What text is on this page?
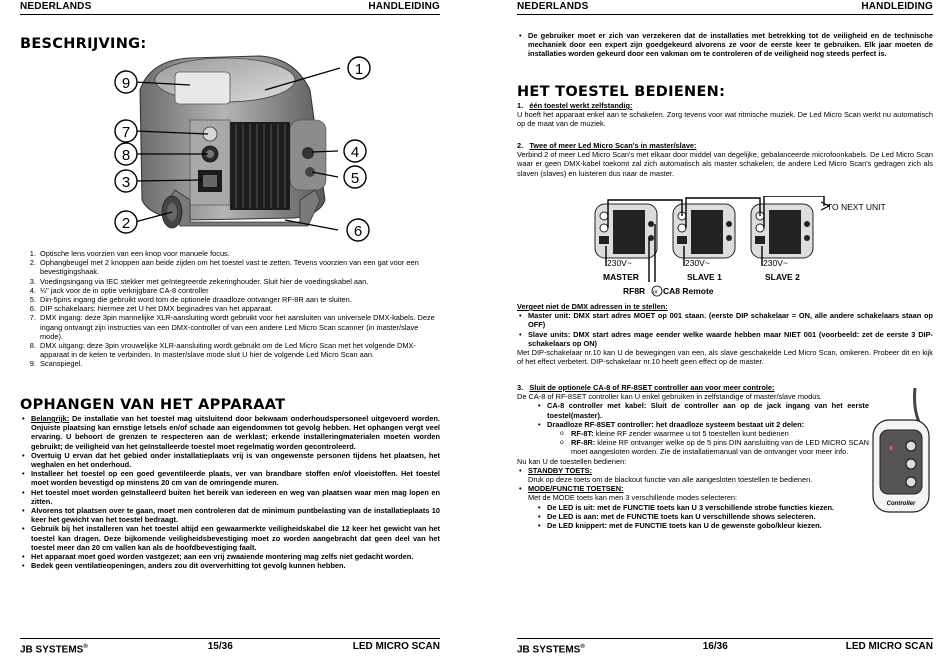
NEDERLANDS	HANDLEIDING
BESCHRIJVING:
1
9
7
8
3
4
5
2	6
1. Optische lens voorzien van een knop voor manuele focus.
2. Ophangbeugel met 2 knoppen aan beide zijden om het toestel vast te zetten. Tevens voorzien van een gat voor een bevestigingshaak.
3. Voedingsingang via IEC stekker met geïntegreerde zekeringhouder. Sluit hier de voedingskabel aan.
4. ¼" jack voor de in optie verkrijgbare CA-8 controller
5. Din-5pins ingang die gebruikt word tom de optionele draadloze ontvanger RF-8R aan te sluiten.
6. DIP schakelaars: hiermee zet U het DMX beginadres van het apparaat.
7. DMX ingang: deze 3pin mannelijke XLR-aansluiting wordt gebruikt voor het aansluiten van universele DMX-kabels. Deze ingang ontvangt zijn instructies van een DMX-controller of van een andere Led Micro Scan scanner (in master/slave mode).
8. DMX uitgang: deze 3pin vrouwelijke XLR-aansluiting wordt gebruikt om de Led Micro Scan met het volgende DMX-apparaat in de keten te verbinden. In master/slave mode sluit U hier de volgende Led Micro Scan aan.
9. Scanspiegel.
OPHANGEN VAN HET APPARAAT
• Belangrijk: De installatie van het toestel mag uitsluitend door bekwaam onderhoudspersoneel uitgevoerd worden. Onjuiste plaatsing kan ernstige letsels en/of schade aan eigendommen tot gevolg hebben. Het ophangen vergt veel ervaring. U behoort de grenzen te respecteren aan de werklast; erkende installeringmaterialen moeten worden gebruikt; de veiligheid van het geïnstalleerde toestel moet regelmatig worden gecontroleerd.
• Overtuig U ervan dat het gebied onder installatieplaats vrij is van ongewenste personen tijdens het plaatsen, het weghalen en het onderhoud.
• Installeer het toestel op een goed geventileerde plaats, ver van brandbare stoffen en/of vloeistoffen. Het toestel moet worden bevestigd op minstens 20 cm van de omringende muren.
• Het toestel moet worden geïnstalleerd buiten het bereik van iedereen en weg van plaatsen waar men mag lopen en zitten.
• Alvorens tot plaatsen over te gaan, moet men controleren dat de minimum puntbelasting van de installatieplaats 10 keer het gewicht van het toestel bedraagt.
• Gebruik bij het installeren van het toestel altijd een gewaarmerkte veiligheidskabel die 12 keer het gewicht van het toestel kan dragen. Deze bijkomende veiligheidsbevestiging moet zo worden aangebracht dat geen deel van het toestel meer dan 20 cm vallen kan als de hoofdbevestiging faalt.
• Het apparaat moet goed worden vastgezet; aan een vrij zwaaiende montering mag zelfs niet gedacht worden.
• Bedek geen ventilatieopeningen, anders zou dit oververhitting tot gevolg kunnen hebben.
JB SYSTEMS®	15/36	LED MICRO SCAN
NEDERLANDS	HANDLEIDING
• De gebruiker moet er zich van verzekeren dat de installaties met betrekking tot de veiligheid en de technische mechaniek door een expert zijn goedgekeurd alvorens ze voor de eerste keer te gebruiken. Elk jaar moeten de installaties worden gekeurd door een vakman om te controleren of de veiligheid nog steeds perfect is.
HET TOESTEL BEDIENEN:
1. één toestel werkt zelfstandig:
U hoeft het apparaat enkel aan te schakelen. Zorg tevens voor wat ritmische muziek. De Led Micro Scan werkt nu automatisch op de maat van de muziek.
2. Twee of meer Led Micro Scan's in master/slave:
Verbind 2 of meer Led Micro Scan's met elkaar door middel van degelijke, gebalanceerde microfoonkabels. De Led Micro Scan waar er geen DMX-kabel toekomt zal zich automatisch als master schakelen; de andere Led Micro Scan's gedragen zich als slaven (slaves) en luisteren dus naar de master.
TO NEXT UNIT
230V~	230V~	230V~
MASTER	SLAVE 1	SLAVE 2
RF8R CA8 Remote
or
Vergeet niet de DMX adressen in te stellen:
• Master unit: DMX start adres MOET op 001 staan. (eerste DIP schakelaar = ON, alle andere schakelaars staan op OFF)
• Slave units: DMX start adres mage eender welke waarde hebben maar NIET 001 (voorbeeld: zet de eerste 3 DIP-schakelaars op ON)
Met DIP-schakelaar nr.10 kan U de bewegingen van een, als slave geschakelde Led Micro Scan, omkeren. Probeer dit en kijk of het effect verbetert. DIP-schakelaar nr.10 heeft geen effect op de master.
3. Sluit de optionele CA-8 of RF-8SET controller aan voor meer controle:
De CA-8 of RF-8SET controller kan U enkel gebruiken in zelfstandige of master/slave modus.
• CA-8 controller met kabel: Sluit de controller aan op de jack ingang van het eerste toestel(master).
• Draadloze RF-8SET controller: het draadloze systeem bestaat uit 2 delen:
o RF-8T: kleine RF zender waarmee u tot 5 toestellen kunt bedienen
o RF-8R: kleine RF ontvanger welke op de 5 pins DIN aansluiting van de LED MICRO SCAN moet aangesloten worden. Zie de installatiemanual van de ontvanger voor meer info.
Nu kan U de toestellen bedienen:
• STANDBY TOETS:
Druk op deze toets om de blackout functie van alle aangesloten toestellen te bedienen.
• MODE/FUNCTIE TOETSEN:
Met de MODE toets kan men 3 verschillende modes selecteren:
• De LED is uit: met de FUNCTIE toets kan U 3 verschillende strobe functies kiezen.
• De LED is aan: met de FUNCTIE toets kan U verschillende shows selecteren.
• De LED knippert: met de FUNCTIE toets kan U de gewenste gobo/kleur kiezen.
Controller
JB SYSTEMS®	16/36	LED MICRO SCAN
